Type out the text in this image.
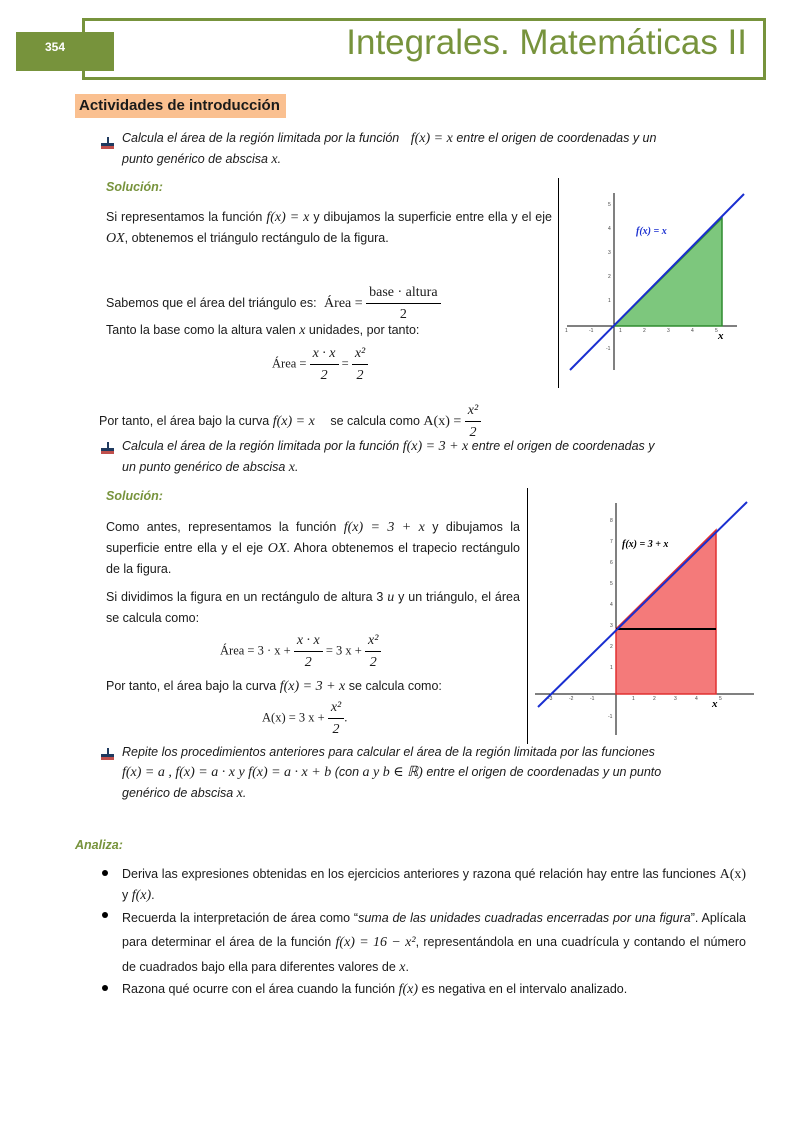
Integrales. Matemáticas II
354
Actividades de introducción
Calcula el área de la región limitada por la función f(x) = x entre el origen de coordenadas y un
punto genérico de abscisa x.
Solución:
Si representamos la función f(x) = x y dibujamos la superficie entre ella y el eje OX, obtenemos el triángulo rectángulo de la figura.
Sabemos que el área del triángulo es: Área = $\frac{\text{base · altura}}{2}$
Tanto la base como la altura valen x unidades, por tanto:
Área = $\frac{x \cdot x}{2} = \frac{\text{x²}}{2}$
Por tanto, el área bajo la curva f(x) = x se calcula como $A(x) = \frac{\text{x²}}{2}$
1	-1	1	2	3	4	5
5
4
3
2
1
-1
f(x) = x
x
Calcula el área de la región limitada por la función f(x) = 3 + x entre el origen de coordenadas y
un punto genérico de abscisa x.
Solución:
Como antes, representamos la función f(x) = 3 + x y dibujamos la superficie entre ella y el eje OX. Ahora obtenemos el trapecio rectángulo de la figura.
Si dividimos la figura en un rectángulo de altura 3 u y un triángulo, el área se calcula como:
Área = $3 \cdot x + \frac{x \cdot x}{2} = 3$ $x + \frac{\text{x²}}{2}$
Por tanto, el área bajo la curva f(x) = 3 + x se calcula como:
A(x) = 3 $x + \frac{\text{x²}}{2}$ .
-3	-2	-1	1	2	3	4	5
8
7
6
5
4
3
2
1
-1
f(x) = 3 + x
x
Repite los procedimientos anteriores para calcular el área de la región limitada por las funciones
f(x) = a , f(x) = a · x y f(x) = a · x + b (con a y b ∈ ℝ) entre el origen de coordenadas y un punto
genérico de abscisa x.
Analiza:
Deriva las expresiones obtenidas en los ejercicios anteriores y razona qué relación hay entre las funciones A(x) y f(x).
Recuerda la interpretación de área como “suma de las unidades cuadradas encerradas por una figura”. Aplícala para determinar el área de la función f(x) = 16 − x², representándola en una cuadrícula y contando el número de cuadrados bajo ella para diferentes valores de x.
Razona qué ocurre con el área cuando la función f(x) es negativa en el intervalo analizado.
